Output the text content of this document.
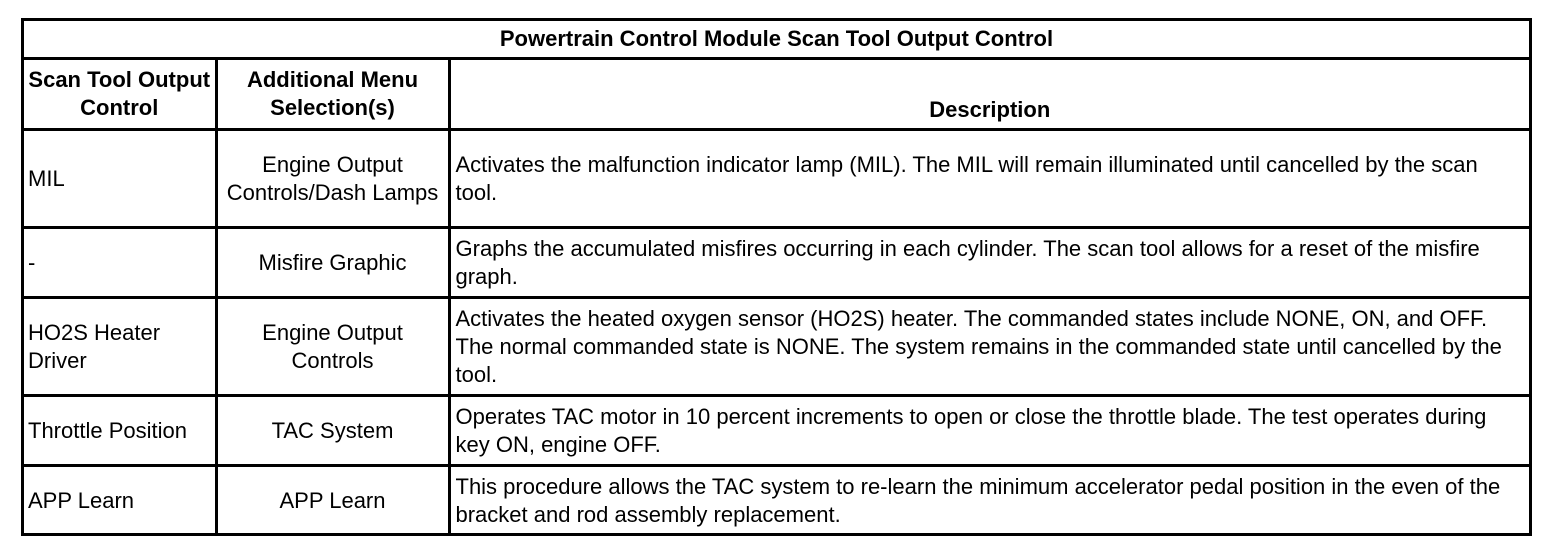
Powertrain Control Module Scan Tool Output Control		
Scan Tool Output Control	Additional Menu Selection(s)	Description
MIL	Engine Output Controls/Dash Lamps	Activates the malfunction indicator lamp (MIL). The MIL will remain illuminated until cancelled by the scan tool.
-	Misfire Graphic	Graphs the accumulated misfires occurring in each cylinder. The scan tool allows for a reset of the misfire graph.
HO2S Heater Driver	Engine Output Controls	Activates the heated oxygen sensor (HO2S) heater. The commanded states include NONE, ON, and OFF. The normal commanded state is NONE. The system remains in the commanded state until cancelled by the tool.
Throttle Position	TAC System	Operates TAC motor in 10 percent increments to open or close the throttle blade. The test operates during key ON, engine OFF.
APP Learn	APP Learn	This procedure allows the TAC system to re-learn the minimum accelerator pedal position in the even of the bracket and rod assembly replacement.
